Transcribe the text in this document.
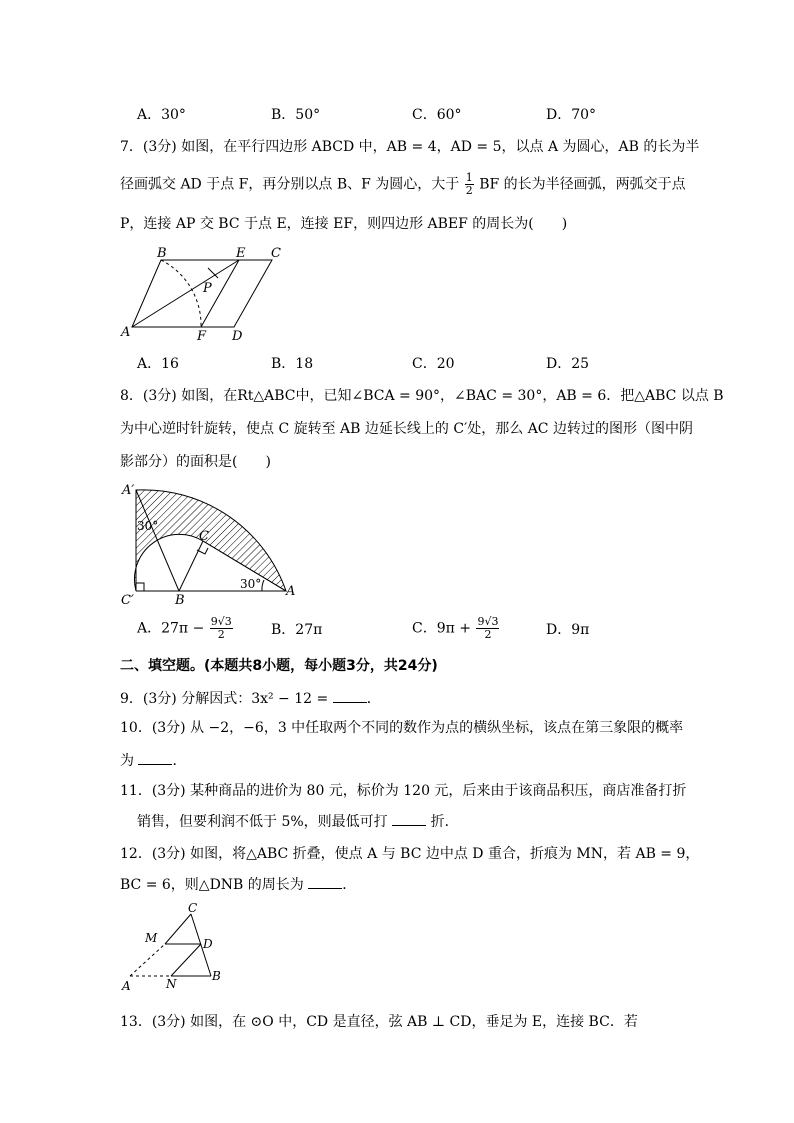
A．30°	B．50°	C．60°	D．70°
7．(3分) 如图，在平行四边形 ABCD 中，AB = 4，AD = 5，以点 A 为圆心，AB 的长为半
径画弧交 AD 于点 F，再分别以点 B、F 为圆心，大于 $\frac{1}{2}$ BF 的长为半径画弧，两弧交于点
P，连接 AP 交 BC 于点 E，连接 EF，则四边形 ABEF 的周长为(　　)
B	E C
P
A	F D
A．16	B．18	C．20	D．25
8．(3分) 如图，在Rt△ABC中，已知∠BCA = 90°，∠BAC = 30°，AB = 6．把△ABC 以点 B
为中心逆时针旋转，使点 C 旋转至 AB 边延长线上的 C′处，那么 AC 边转过的图形（图中阴
影部分）的面积是(　　)
A′
30°
C
C′	B
30° A
A．$27\pi - \frac{9√3}{2}$	B．27π	C．$9\pi + \frac{9√3}{2}$	D．9π
二、填空题。(本题共8小题，每小题3分，共24分)
9．(3分) 分解因式：3x² − 12 =	．
10．(3分) 从 −2，−6，3 中任取两个不同的数作为点的横纵坐标，该点在第三象限的概率
为	．
11．(3分) 某种商品的进价为 80 元，标价为 120 元，后来由于该商品积压，商店准备打折
销售，但要利润不低于 5%，则最低可打	折．
12．(3分) 如图，将△ABC 折叠，使点 A 与 BC 边中点 D 重合，折痕为 MN，若 AB = 9，
BC = 6，则△DNB 的周长为	．
C
M	D
A	N
B
13．(3分) 如图，在 ⊙O 中，CD 是直径，弦 AB ⊥ CD，垂足为 E，连接 BC．若
